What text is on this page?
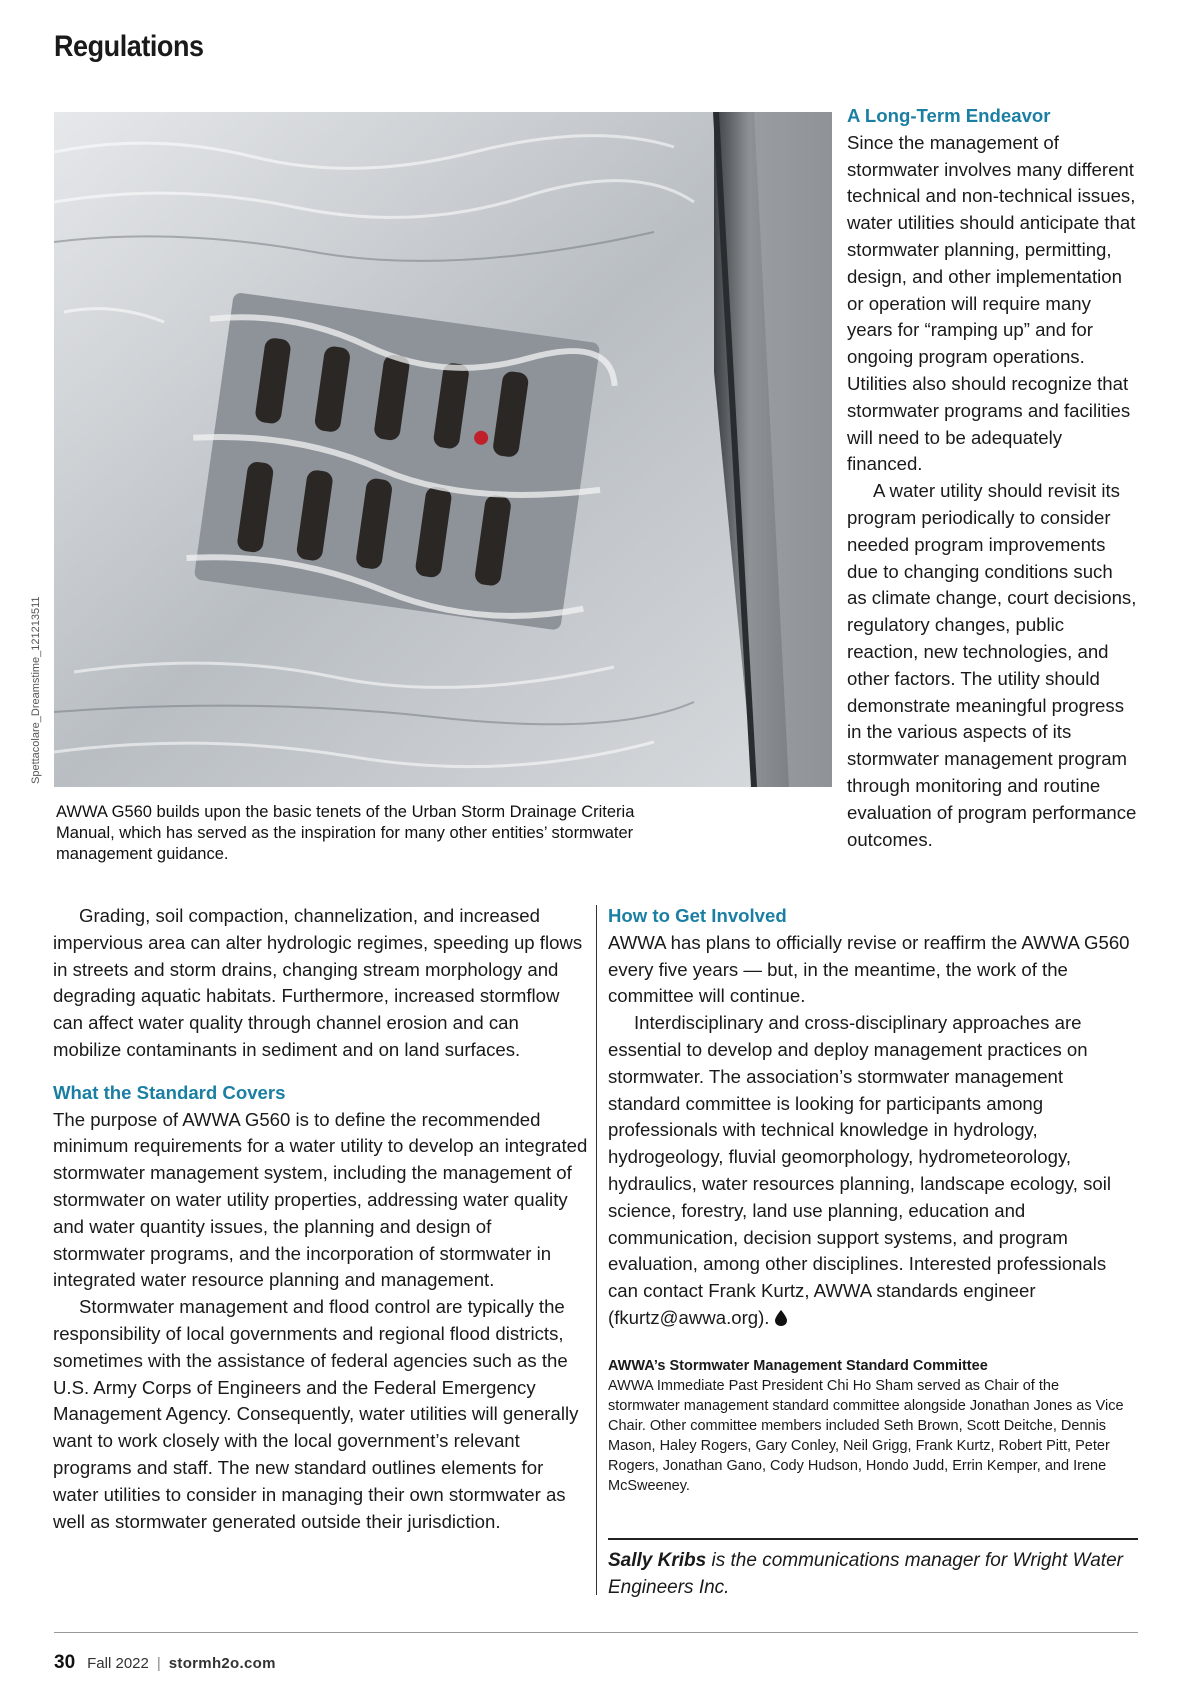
Regulations
Spettacolare_Dreamstime_121213511

AWWA G560 builds upon the basic tenets of the Urban Storm Drainage Criteria Manual, which has served as the inspiration for many other entities’ stormwater management guidance.

A Long-Term Endeavor

Since the management of stormwater involves many different technical and non-technical issues, water utilities should anticipate that stormwater planning, permitting, design, and other implementation or operation will require many years for “ramping up” and for ongoing program operations. Utilities also should recognize that stormwater programs and facilities will need to be adequately financed.

A water utility should revisit its program periodically to consider needed program improvements due to changing conditions such as climate change, court decisions, regulatory changes, public reaction, new technologies, and other factors. The utility should demonstrate meaningful progress in the various aspects of its stormwater management program through monitoring and routine evaluation of program performance outcomes.

Grading, soil compaction, channelization, and increased impervious area can alter hydrologic regimes, speeding up flows in streets and storm drains, changing stream morphology and degrading aquatic habitats. Furthermore, increased stormflow can affect water quality through channel erosion and can mobilize contaminants in sediment and on land surfaces.

What the Standard Covers

The purpose of AWWA G560 is to define the recommended minimum requirements for a water utility to develop an integrated stormwater management system, including the management of stormwater on water utility properties, addressing water quality and water quantity issues, the planning and design of stormwater programs, and the incorporation of stormwater in integrated water resource planning and management.

Stormwater management and flood control are typically the responsibility of local governments and regional flood districts, sometimes with the assistance of federal agencies such as the U.S. Army Corps of Engineers and the Federal Emergency Management Agency. Consequently, water utilities will generally want to work closely with the local government’s relevant programs and staff. The new standard outlines elements for water utilities to consider in managing their own stormwater as well as stormwater generated outside their jurisdiction.

How to Get Involved

AWWA has plans to officially revise or reaffirm the AWWA G560 every five years — but, in the meantime, the work of the committee will continue.

Interdisciplinary and cross-disciplinary approaches are essential to develop and deploy management practices on stormwater. The association’s stormwater management standard committee is looking for participants among professionals with technical knowledge in hydrology, hydrogeology, fluvial geomorphology, hydrometeorology, hydraulics, water resources planning, landscape ecology, soil science, forestry, land use planning, education and communication, decision support systems, and program evaluation, among other disciplines. Interested professionals can contact Frank Kurtz, AWWA standards engineer (fkurtz@awwa.org).

AWWA’s Stormwater Management Standard Committee

AWWA Immediate Past President Chi Ho Sham served as Chair of the stormwater management standard committee alongside Jonathan Jones as Vice Chair. Other committee members included Seth Brown, Scott Deitche, Dennis Mason, Haley Rogers, Gary Conley, Neil Grigg, Frank Kurtz, Robert Pitt, Peter Rogers, Jonathan Gano, Cody Hudson, Hondo Judd, Errin Kemper, and Irene McSweeney.

Sally Kribs is the communications manager for Wright Water Engineers Inc.

30 Fall 2022 | stormh2o.com
